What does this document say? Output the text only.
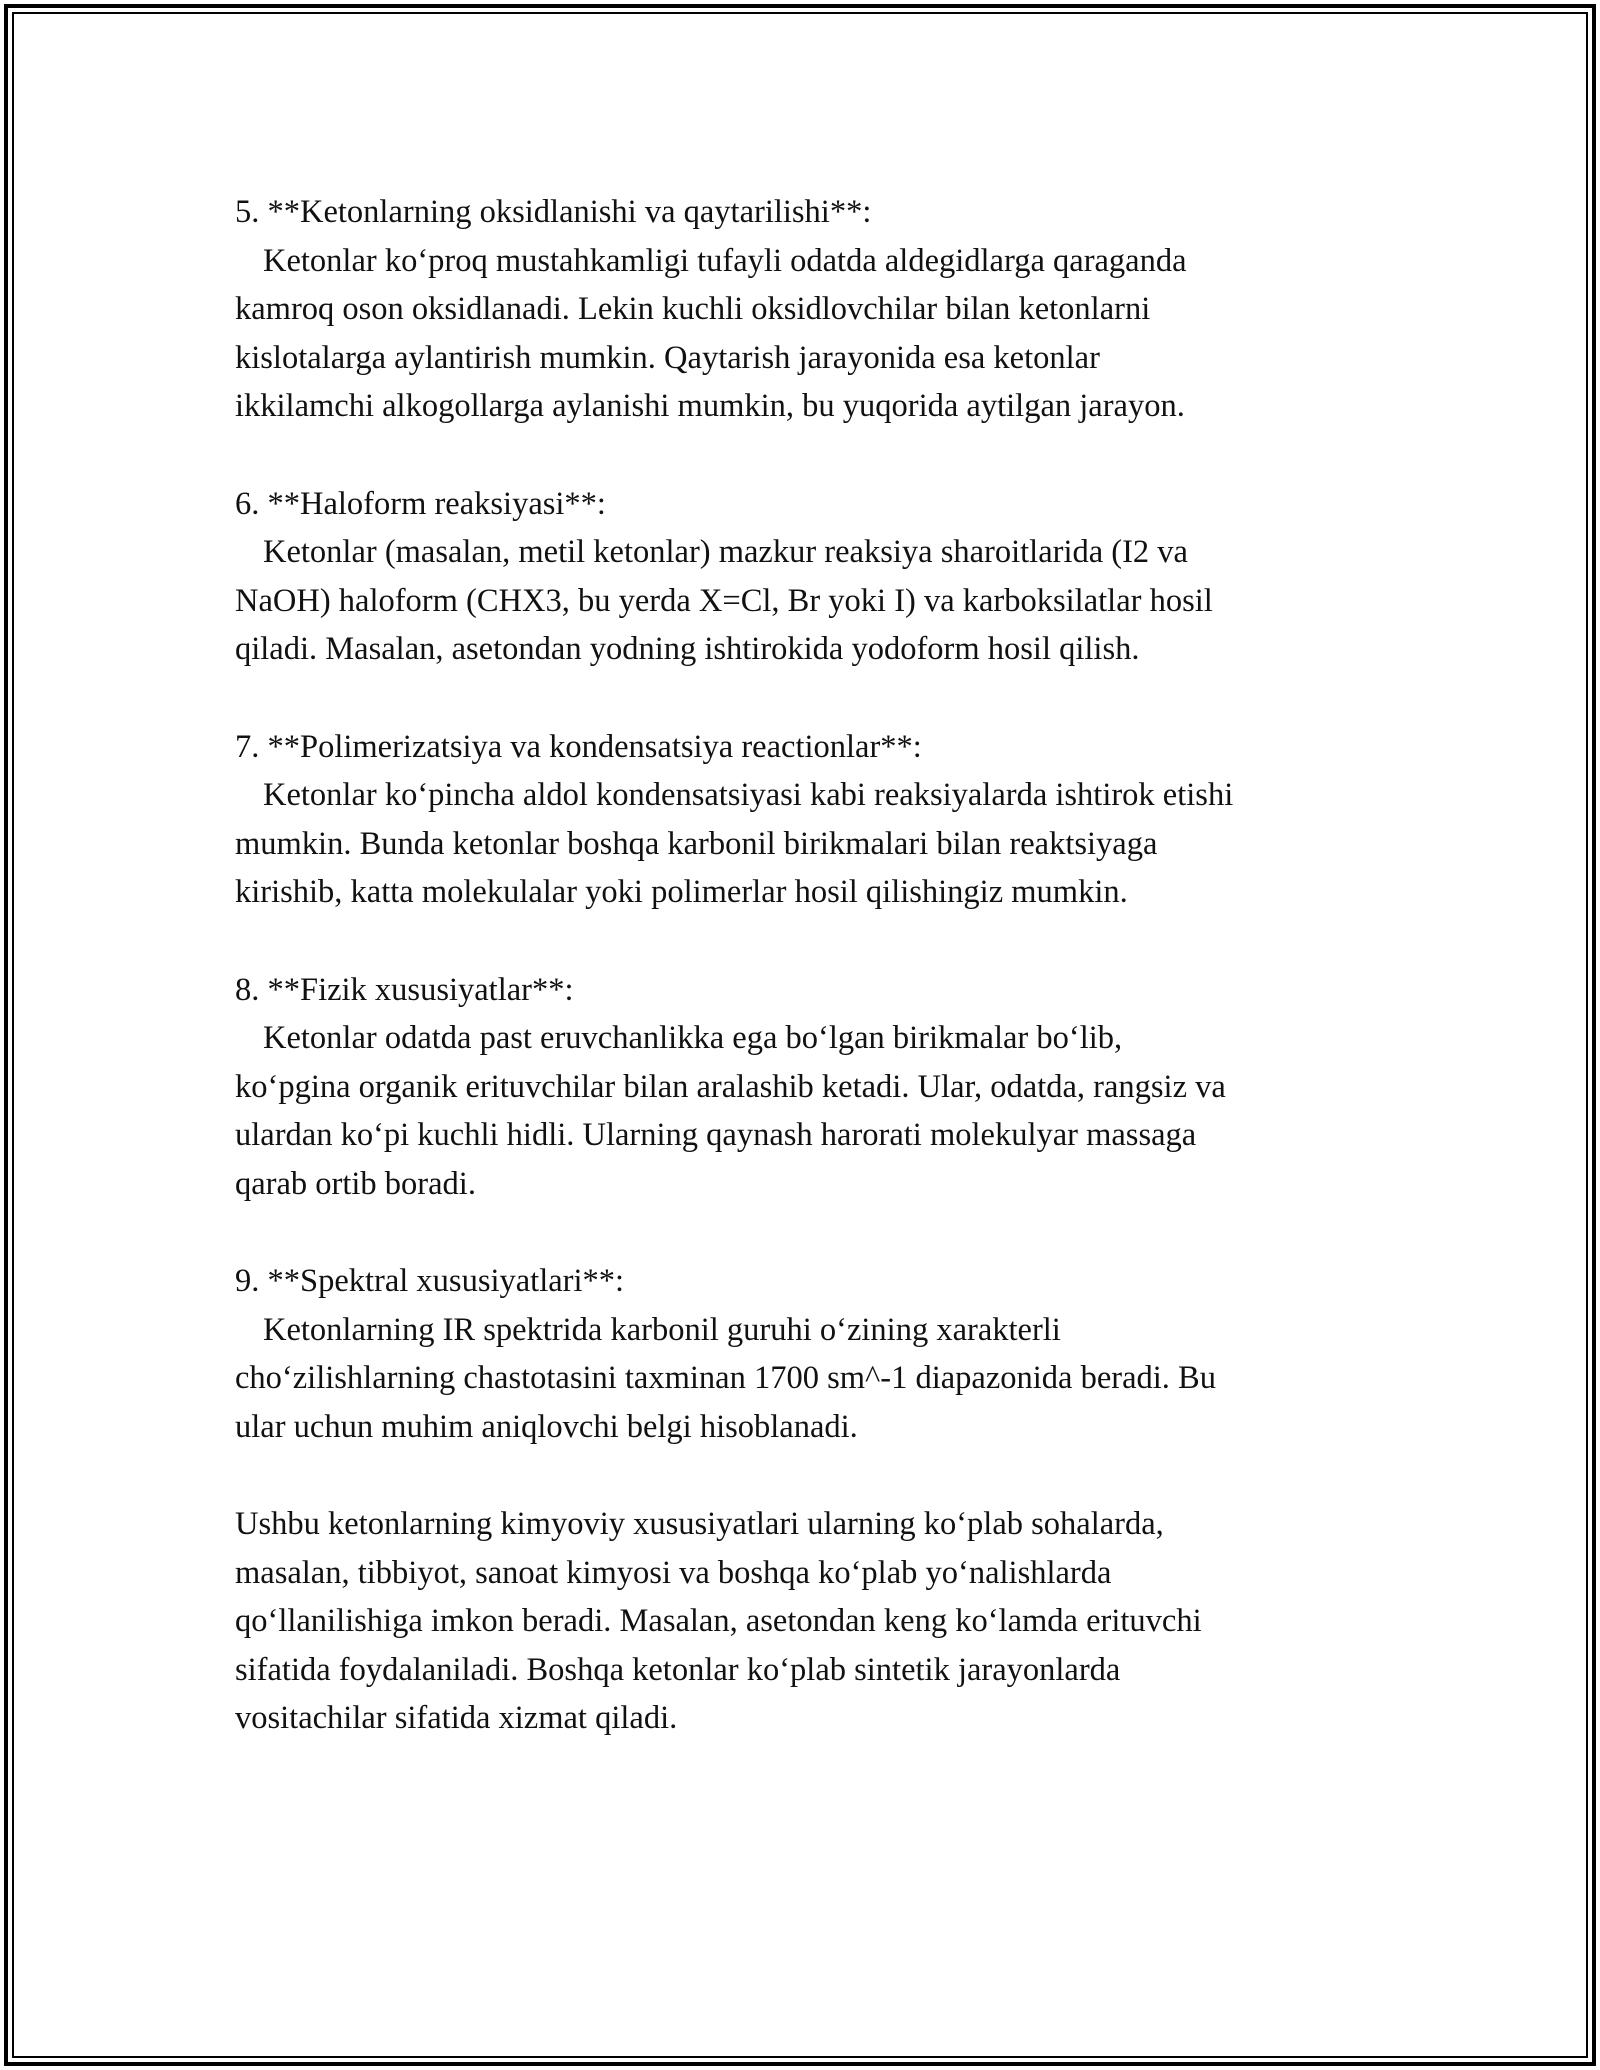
5. **Ketonlarning oksidlanishi va qaytarilishi**:
Ketonlar ko‘proq mustahkamligi tufayli odatda aldegidlarga qaraganda
kamroq oson oksidlanadi. Lekin kuchli oksidlovchilar bilan ketonlarni
kislotalarga aylantirish mumkin. Qaytarish jarayonida esa ketonlar
ikkilamchi alkogollarga aylanishi mumkin, bu yuqorida aytilgan jarayon.
6. **Haloform reaksiyasi**:
Ketonlar (masalan, metil ketonlar) mazkur reaksiya sharoitlarida (I2 va
NaOH) haloform (CHX3, bu yerda X=Cl, Br yoki I) va karboksilatlar hosil
qiladi. Masalan, asetondan yodning ishtirokida yodoform hosil qilish.
7. **Polimerizatsiya va kondensatsiya reactionlar**:
Ketonlar ko‘pincha aldol kondensatsiyasi kabi reaksiyalarda ishtirok etishi
mumkin. Bunda ketonlar boshqa karbonil birikmalari bilan reaktsiyaga
kirishib, katta molekulalar yoki polimerlar hosil qilishingiz mumkin.
8. **Fizik xususiyatlar**:
Ketonlar odatda past eruvchanlikka ega bo‘lgan birikmalar bo‘lib,
ko‘pgina organik erituvchilar bilan aralashib ketadi. Ular, odatda, rangsiz va
ulardan ko‘pi kuchli hidli. Ularning qaynash harorati molekulyar massaga
qarab ortib boradi.
9. **Spektral xususiyatlari**:
Ketonlarning IR spektrida karbonil guruhi o‘zining xarakterli
cho‘zilishlarning chastotasini taxminan 1700 sm^-1 diapazonida beradi. Bu
ular uchun muhim aniqlovchi belgi hisoblanadi.
Ushbu ketonlarning kimyoviy xususiyatlari ularning ko‘plab sohalarda,
masalan, tibbiyot, sanoat kimyosi va boshqa ko‘plab yo‘nalishlarda
qo‘llanilishiga imkon beradi. Masalan, asetondan keng ko‘lamda erituvchi
sifatida foydalaniladi. Boshqa ketonlar ko‘plab sintetik jarayonlarda
vositachilar sifatida xizmat qiladi.
